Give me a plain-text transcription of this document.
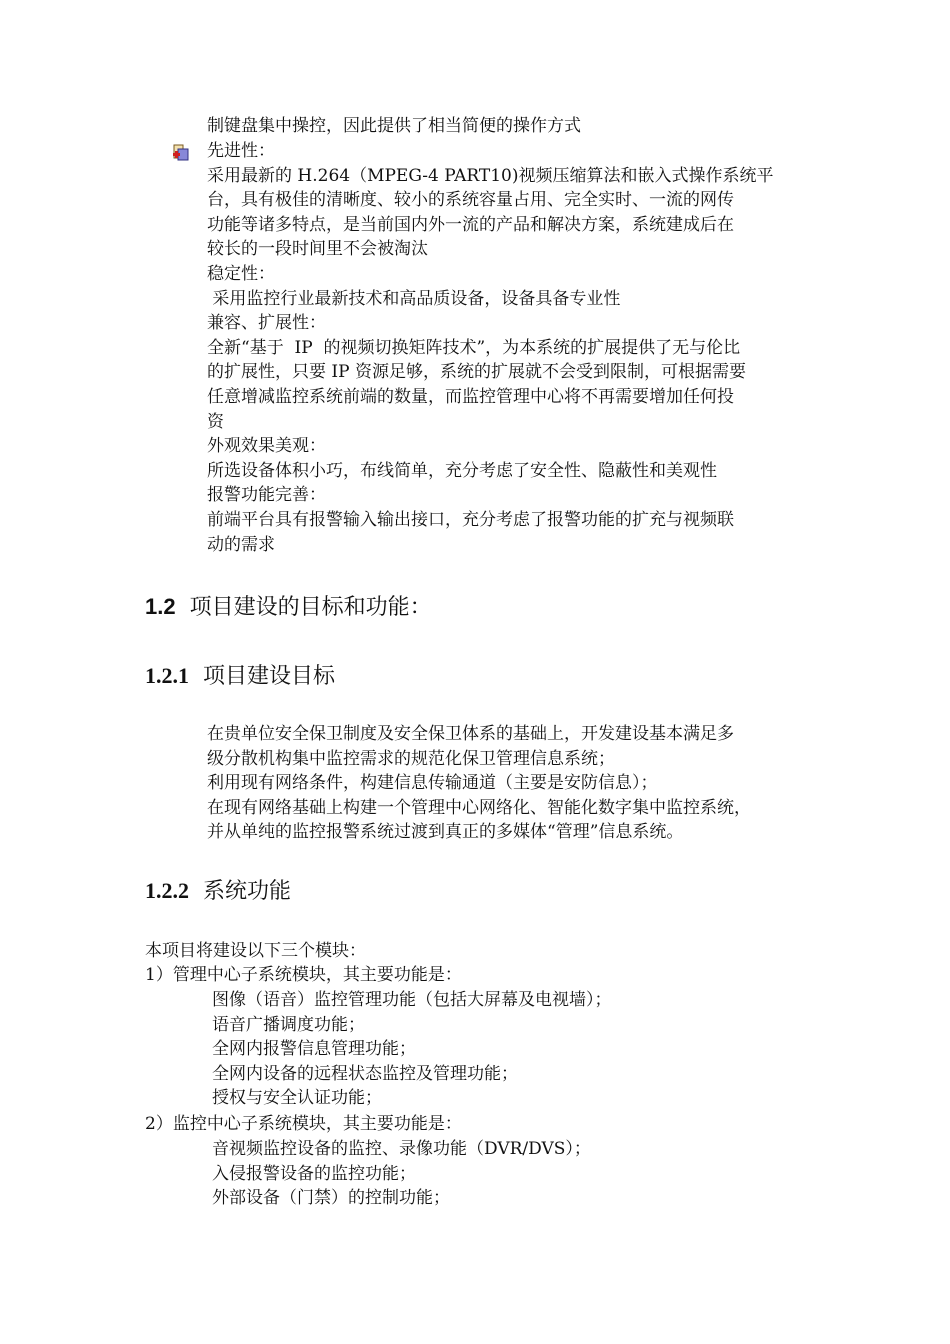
制键盘集中操控，因此提供了相当简便的操作方式
先进性：
采用最新的 H.264（MPEG-4 PART10)视频压缩算法和嵌入式操作系统平
台，具有极佳的清晰度、较小的系统容量占用、完全实时、一流的网传
功能等诸多特点，是当前国内外一流的产品和解决方案，系统建成后在
较长的一段时间里不会被淘汰
稳定性：
采用监控行业最新技术和高品质设备，设备具备专业性
兼容、扩展性：
全新“基于  IP  的视频切换矩阵技术”，为本系统的扩展提供了无与伦比
的扩展性，只要 IP 资源足够，系统的扩展就不会受到限制，可根据需要
任意增减监控系统前端的数量，而监控管理中心将不再需要增加任何投
资
外观效果美观：
所选设备体积小巧，布线简单，充分考虑了安全性、隐蔽性和美观性
报警功能完善：
前端平台具有报警输入输出接口，充分考虑了报警功能的扩充与视频联
动的需求
1.2 项目建设的目标和功能：
1.2.1 项目建设目标
在贵单位安全保卫制度及安全保卫体系的基础上，开发建设基本满足多
级分散机构集中监控需求的规范化保卫管理信息系统；
利用现有网络条件，构建信息传输通道（主要是安防信息）；
在现有网络基础上构建一个管理中心网络化、智能化数字集中监控系统，
并从单纯的监控报警系统过渡到真正的多媒体“管理”信息系统。
1.2.2 系统功能
本项目将建设以下三个模块：
1）管理中心子系统模块，其主要功能是：
图像（语音）监控管理功能（包括大屏幕及电视墙）；
语音广播调度功能；
全网内报警信息管理功能；
全网内设备的远程状态监控及管理功能；
授权与安全认证功能；
2）监控中心子系统模块，其主要功能是：
音视频监控设备的监控、录像功能（DVR/DVS）；
入侵报警设备的监控功能；
外部设备（门禁）的控制功能；
